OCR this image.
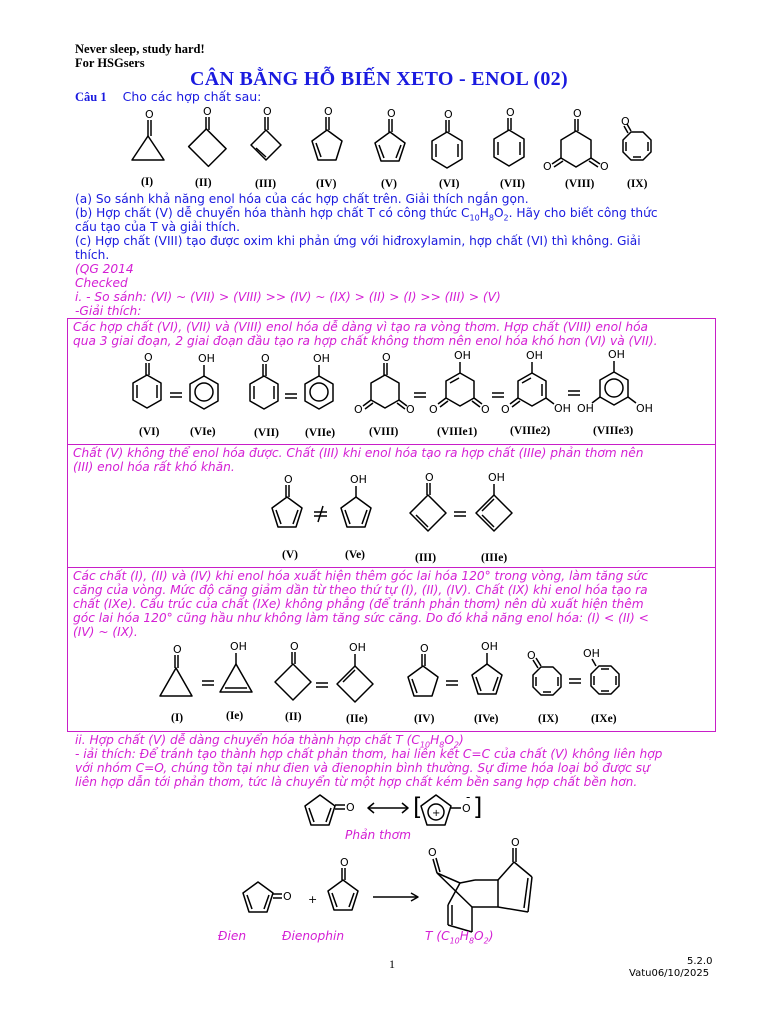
Never sleep, study hard!
For HSGsers
CÂN BẰNG HỖ BIẾN XETO - ENOL (02)
Câu 1 Cho các hợp chất sau:
O	O	O	O	O	O	O	O
O	O
O
(I)	(II)	(III)	(IV)	(V)	(VI)	(VII)	(VIII)	(IX)
(a) So sánh khả năng enol hóa của các hợp chất trên. Giải thích ngắn gọn.
(b) Hợp chất (V) dễ chuyển hóa thành hợp chất T có công thức $C_{10}H_8O_2$. Hãy cho biết công thức
cấu tạo của T và giải thích.
(c) Hợp chất (VIII) tạo được oxim khi phản ứng với hiđroxylamin, hợp chất (VI) thì không. Giải
thích.
(QG 2014
Checked
i. - So sánh: (VI) ~ (VII) > (VIII) >> (IV) ~ (IX) > (II) > (I) >> (III) > (V)
-Giải thích:
Các hợp chất (VI), (VII) và (VIII) enol hóa dễ dàng vì tạo ra vòng thơm. Hợp chất (VIII) enol hóa
qua 3 giai đoạn, 2 giai đoạn đầu tạo ra hợp chất không thơm nên enol hóa khó hơn (VI) và (VII).
O	OH	O	OH	O
O	O
OH
O	O
OH
O	OH
OH
OH	OH
(VI)	(VIe)	(VII) (VIIe)	(VIII)	(VIIIe1)	(VIIIe2)	(VIIIe3)
Chất (V) không thể enol hóa được. Chất (III) khi enol hóa tạo ra hợp chất (IIIe) phản thơm nên
(III) enol hóa rất khó khăn.
O	OH	O	OH
(V)	(Ve)	(III)	(IIIe)
Các chất (I), (II) và (IV) khi enol hóa xuất hiện thêm góc lai hóa 120° trong vòng, làm tăng sức
căng của vòng. Mức độ căng giảm dần từ theo thứ tự (I), (II), (IV). Chất (IX) khi enol hóa tạo ra
chất (IXe). Cấu trúc của chất (IXe) không phẳng (để tránh phản thơm) nên dù xuất hiện thêm
góc lai hóa 120° cũng hầu như không làm tăng sức căng. Do đó khả năng enol hóa: (I) < (II) <
(IV) ~ (IX).
O	OH	O	OH	O	OH
O	OH
(I)	(Ie)	(II)	(IIe)	(IV)	(IVe)	(IX)	(IXe)
ii. Hợp chất (V) dễ dàng chuyển hóa thành hợp chất T $(C_{10}H_8O_2)$
- iải thích: Để tránh tạo thành hợp chất phản thơm, hai liên kết C=C của chất (V) không liên hợp
với nhóm C=O, chúng tồn tại như đien và đienophin bình thường. Sự đime hóa loại bỏ được sự
liên hợp dẫn tới phản thơm, tức là chuyển từ một hợp chất kém bền sang hợp chất bền hơn.
O [ + O
- ]
O +
O
O
O
Phản thơm
Đien	Đienophin	T $(C_{10}H_8O_2)$
1	5.2.0
Vatu06/10/2025
